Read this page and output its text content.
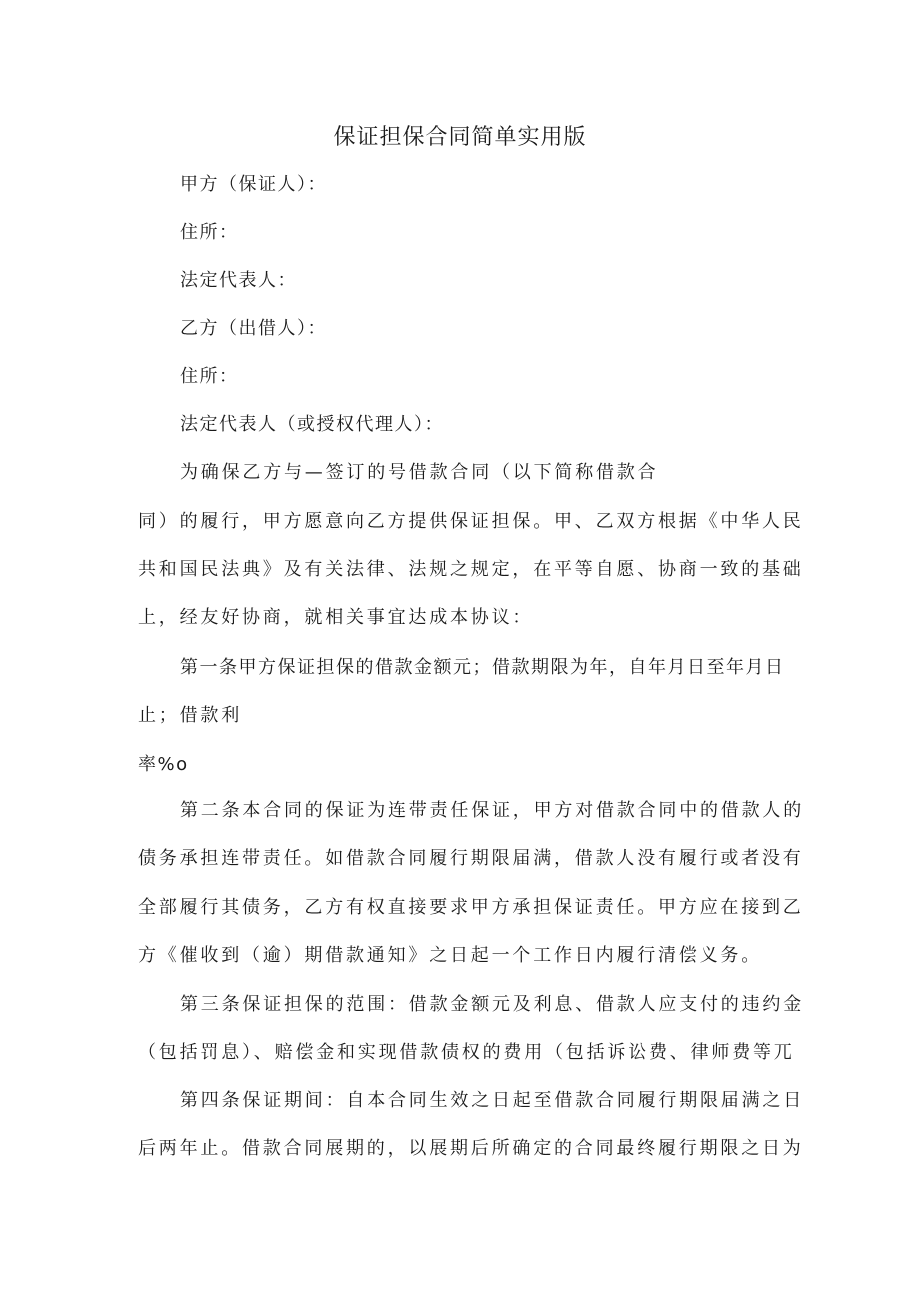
保证担保合同简单实用版
甲方（保证人）：
住所：
法定代表人：
乙方（出借人）：
住所：
法定代表人（或授权代理人）：
为确保乙方与—签订的号借款合同（以下简称借款合
同）的履行，甲方愿意向乙方提供保证担保。甲、乙双方根据《中华人民
共和国民法典》及有关法律、法规之规定，在平等自愿、协商一致的基础
上，经友好协商，就相关事宜达成本协议：
第一条甲方保证担保的借款金额元；借款期限为年，自年月日至年月日
止；借款利
率%o
第二条本合同的保证为连带责任保证，甲方对借款合同中的借款人的
债务承担连带责任。如借款合同履行期限届满，借款人没有履行或者没有
全部履行其债务，乙方有权直接要求甲方承担保证责任。甲方应在接到乙
方《催收到（逾）期借款通知》之日起一个工作日内履行清偿义务。
第三条保证担保的范围：借款金额元及利息、借款人应支付的违约金
（包括罚息）、赔偿金和实现借款债权的费用（包括诉讼费、律师费等兀
第四条保证期间：自本合同生效之日起至借款合同履行期限届满之日
后两年止。借款合同展期的，以展期后所确定的合同最终履行期限之日为
